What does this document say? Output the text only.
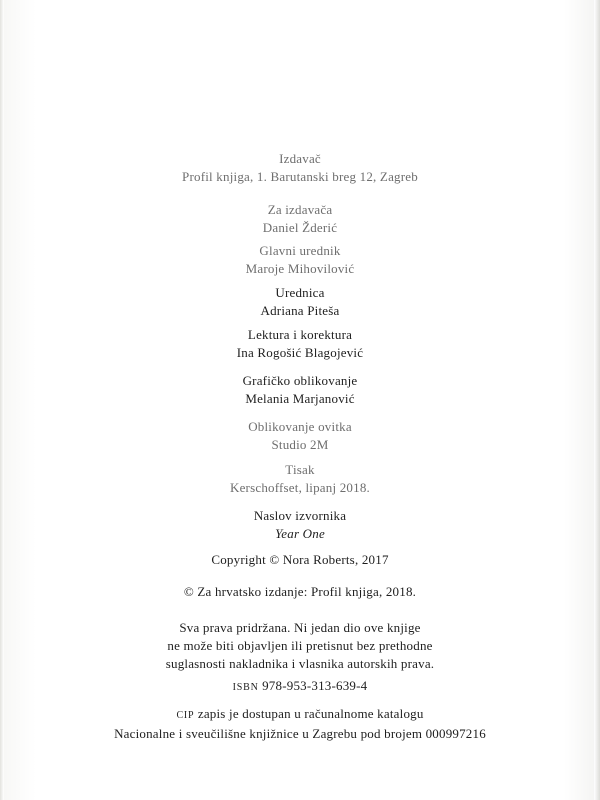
Izdavač
Profil knjiga, 1. Barutanski breg 12, Zagreb
Za izdavača
Daniel Žderić
Glavni urednik
Maroje Mihovilović
Urednica
Adriana Piteša
Lektura i korektura
Ina Rogošić Blagojević
Grafičko oblikovanje
Melania Marjanović
Oblikovanje ovitka
Studio 2M
Tisak
Kerschoffset, lipanj 2018.
Naslov izvornika
Year One
Copyright © Nora Roberts, 2017
© Za hrvatsko izdanje: Profil knjiga, 2018.
Sva prava pridržana. Ni jedan dio ove knjige
ne može biti objavljen ili pretisnut bez prethodne
suglasnosti nakladnika i vlasnika autorskih prava.
ISBN 978-953-313-639-4
CIP zapis je dostupan u računalnome katalogu
Nacionalne i sveučilišne knjižnice u Zagrebu pod brojem 000997216
